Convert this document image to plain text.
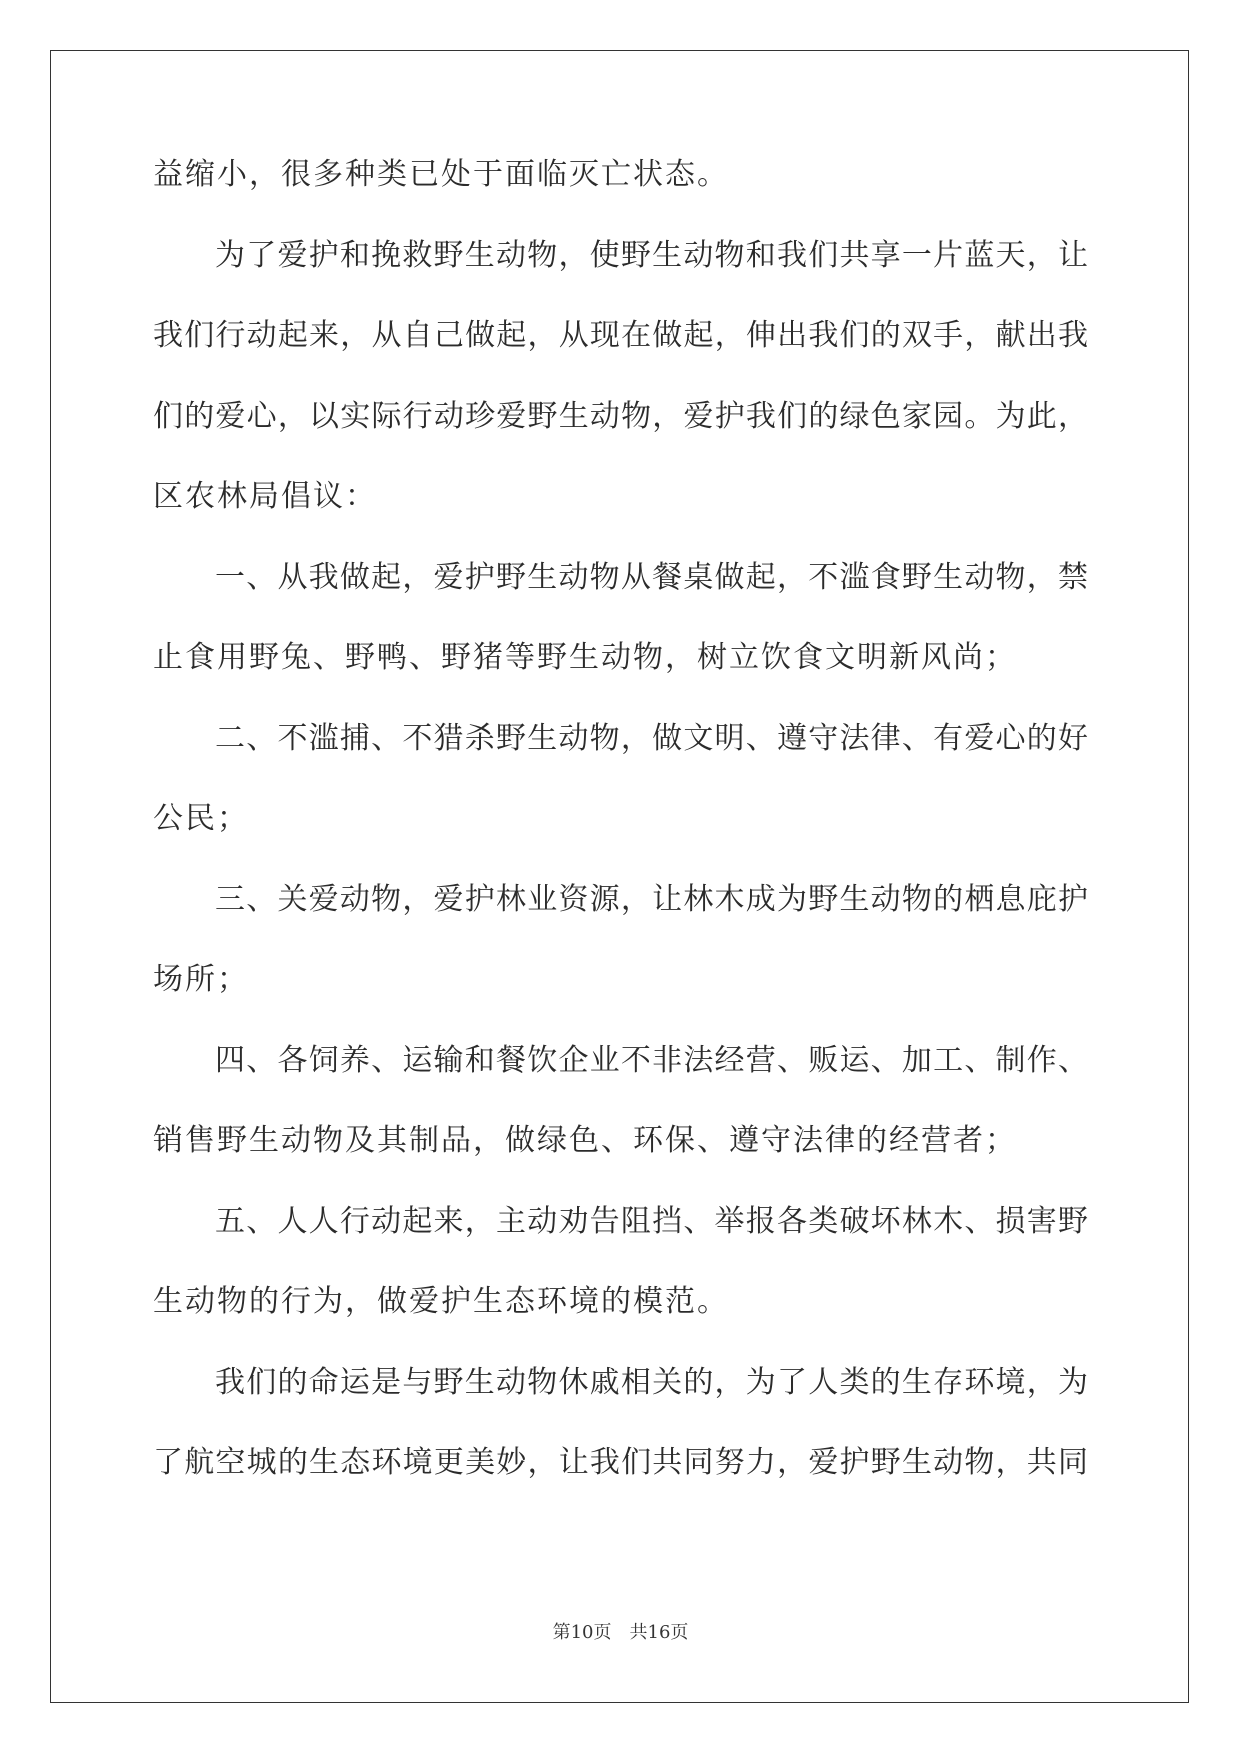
益缩小，很多种类已处于面临灭亡状态。
为了爱护和挽救野生动物，使野生动物和我们共享一片蓝天，让
我们行动起来，从自己做起，从现在做起，伸出我们的双手，献出我
们的爱心，以实际行动珍爱野生动物，爱护我们的绿色家园。为此，
区农林局倡议：
一、从我做起，爱护野生动物从餐桌做起，不滥食野生动物，禁
止食用野兔、野鸭、野猪等野生动物，树立饮食文明新风尚；
二、不滥捕、不猎杀野生动物，做文明、遵守法律、有爱心的好
公民；
三、关爱动物，爱护林业资源，让林木成为野生动物的栖息庇护
场所；
四、各饲养、运输和餐饮企业不非法经营、贩运、加工、制作、
销售野生动物及其制品，做绿色、环保、遵守法律的经营者；
五、人人行动起来，主动劝告阻挡、举报各类破坏林木、损害野
生动物的行为，做爱护生态环境的模范。
我们的命运是与野生动物休戚相关的，为了人类的生存环境，为
了航空城的生态环境更美妙，让我们共同努力，爱护野生动物，共同
第10页　共16页
